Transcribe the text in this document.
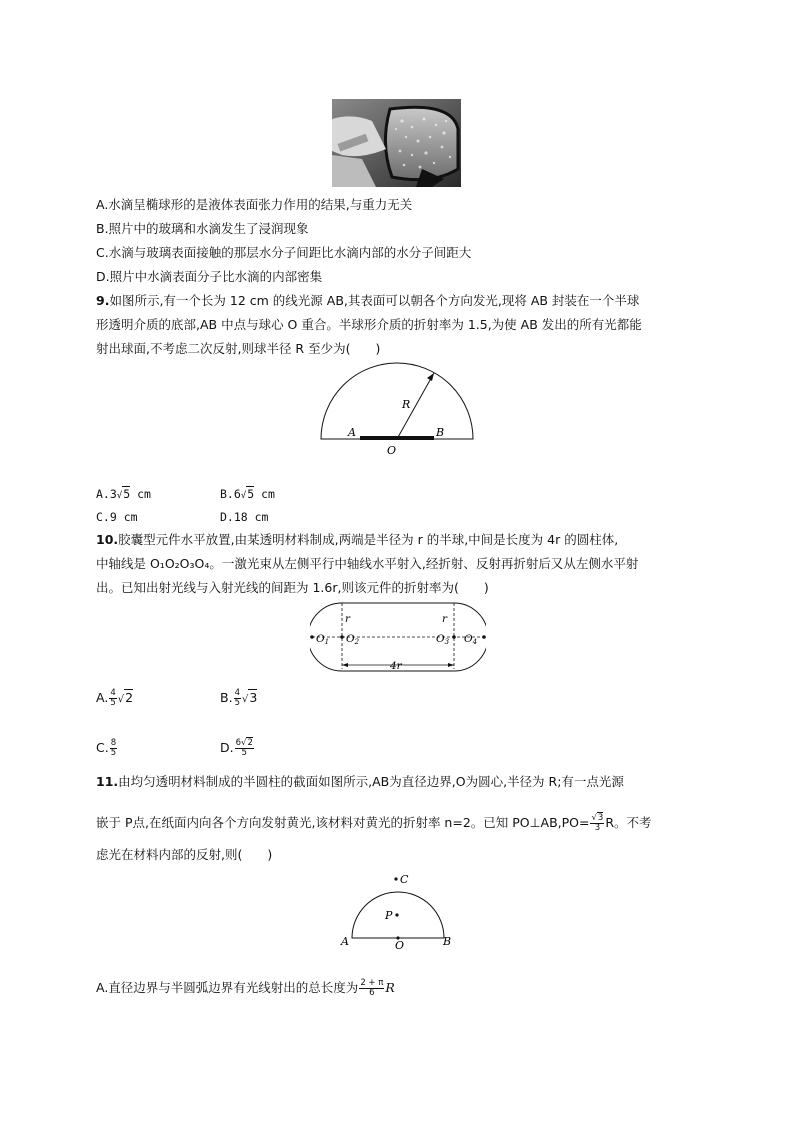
A.水滴呈椭球形的是液体表面张力作用的结果,与重力无关
B.照片中的玻璃和水滴发生了浸润现象
C.水滴与玻璃表面接触的那层水分子间距比水滴内部的水分子间距大
D.照片中水滴表面分子比水滴的内部密集
9.如图所示,有一个长为 12 cm 的线光源 AB,其表面可以朝各个方向发光,现将 AB 封装在一个半球
形透明介质的底部,AB 中点与球心 O 重合。半球形介质的折射率为 1.5,为使 AB 发出的所有光都能
射出球面,不考虑二次反射,则球半径 R 至少为(　　)
R
A	B
O
A.3√5 cm	B.6√5 cm
C.9 cm	D.18 cm
10.胶囊型元件水平放置,由某透明材料制成,两端是半径为 r 的半球,中间是长度为 4r 的圆柱体,
中轴线是 O₁O₂O₃O₄。一激光束从左侧平行中轴线水平射入,经折射、反射再折射后又从左侧水平射
出。已知出射光线与入射光线的间距为 1.6r,则该元件的折射率为(　　)
r	r
O1 O2	O3 O4
4r
A. $\frac{4}{5} √2$	B. $\frac{4}{5} √3$
C. $\frac{8}{5}$	D. $\frac{6√2}{5}$
11.由均匀透明材料制成的半圆柱的截面如图所示,AB为直径边界,O为圆心,半径为 R;有一点光源
嵌于 P点,在纸面内向各个方向发射黄光,该材料对黄光的折射率 n=2。已知 PO⊥AB,PO= $\frac{√3}{3}$ R。不考
虑光在材料内部的反射,则(　　)
C
P
A	O	B
A.直径边界与半圆弧边界有光线射出的总长度为 $\frac{2 + \pi}{6}$ R
